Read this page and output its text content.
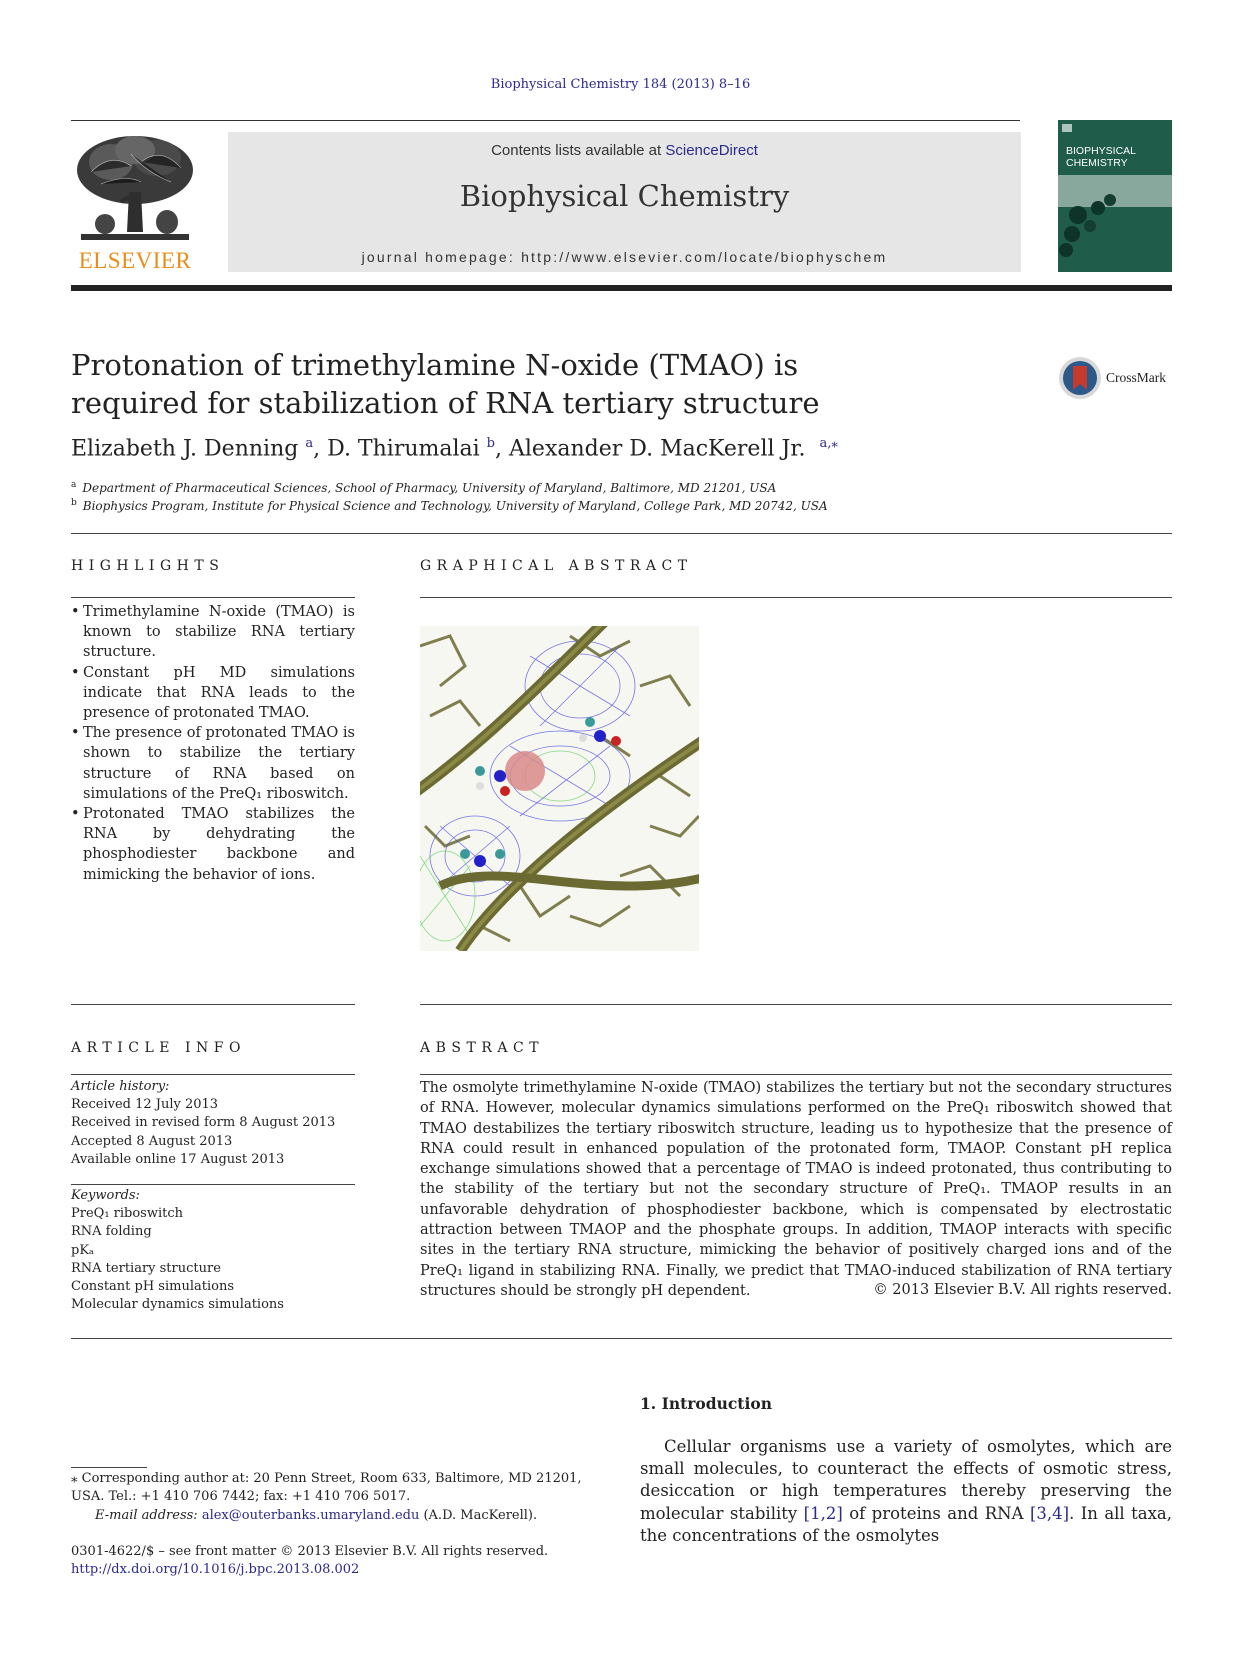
Biophysical Chemistry 184 (2013) 8–16
ELSEVIER
Contents lists available at ScienceDirect
Biophysical Chemistry
journal homepage: http://www.elsevier.com/locate/biophyschem
BIOPHYSICAL
CHEMISTRY
Protonation of trimethylamine N-oxide (TMAO) is required for stabilization of RNA tertiary structure
CrossMark
Elizabeth J. Denning $^a$, D. Thirumalai $^b$, Alexander D. MacKerell Jr. $^{a,⁎}$
$^a$ Department of Pharmaceutical Sciences, School of Pharmacy, University of Maryland, Baltimore, MD 21201, USA
$^b$ Biophysics Program, Institute for Physical Science and Technology, University of Maryland, College Park, MD 20742, USA
HIGHLIGHTS	GRAPHICAL ABSTRACT
• Trimethylamine N-oxide (TMAO) is known to stabilize RNA tertiary structure.
• Constant pH MD simulations indicate that RNA leads to the presence of protonated TMAO.
• The presence of protonated TMAO is shown to stabilize the tertiary structure of RNA based on simulations of the PreQ₁ riboswitch.
• Protonated TMAO stabilizes the RNA by dehydrating the phosphodiester backbone and mimicking the behavior of ions.
ARTICLE INFO	ABSTRACT
Article history:
Received 12 July 2013
Received in revised form 8 August 2013
Accepted 8 August 2013
Available online 17 August 2013
Keywords:
PreQ₁ riboswitch
RNA folding
pKₐ
RNA tertiary structure
Constant pH simulations
Molecular dynamics simulations
The osmolyte trimethylamine N-oxide (TMAO) stabilizes the tertiary but not the secondary structures of RNA. However, molecular dynamics simulations performed on the PreQ₁ riboswitch showed that TMAO destabilizes the tertiary riboswitch structure, leading us to hypothesize that the presence of RNA could result in enhanced population of the protonated form, TMAOP. Constant pH replica exchange simulations showed that a percentage of TMAO is indeed protonated, thus contributing to the stability of the tertiary but not the secondary structure of PreQ₁. TMAOP results in an unfavorable dehydration of phosphodiester backbone, which is compensated by electrostatic attraction between TMAOP and the phosphate groups. In addition, TMAOP interacts with specific sites in the tertiary RNA structure, mimicking the behavior of positively charged ions and of the PreQ₁ ligand in stabilizing RNA. Finally, we predict that TMAO-induced stabilization of RNA tertiary structures should be strongly pH dependent.	© 2013 Elsevier B.V. All rights reserved.
⁎ Corresponding author at: 20 Penn Street, Room 633, Baltimore, MD 21201, USA. Tel.: +1 410 706 7442; fax: +1 410 706 5017.
E-mail address: alex@outerbanks.umaryland.edu (A.D. MacKerell).
0301-4622/$ – see front matter © 2013 Elsevier B.V. All rights reserved.
http://dx.doi.org/10.1016/j.bpc.2013.08.002
1. Introduction
Cellular organisms use a variety of osmolytes, which are small molecules, to counteract the effects of osmotic stress, desiccation or high temperatures thereby preserving the molecular stability [1,2] of proteins and RNA [3,4]. In all taxa, the concentrations of the osmolytes
